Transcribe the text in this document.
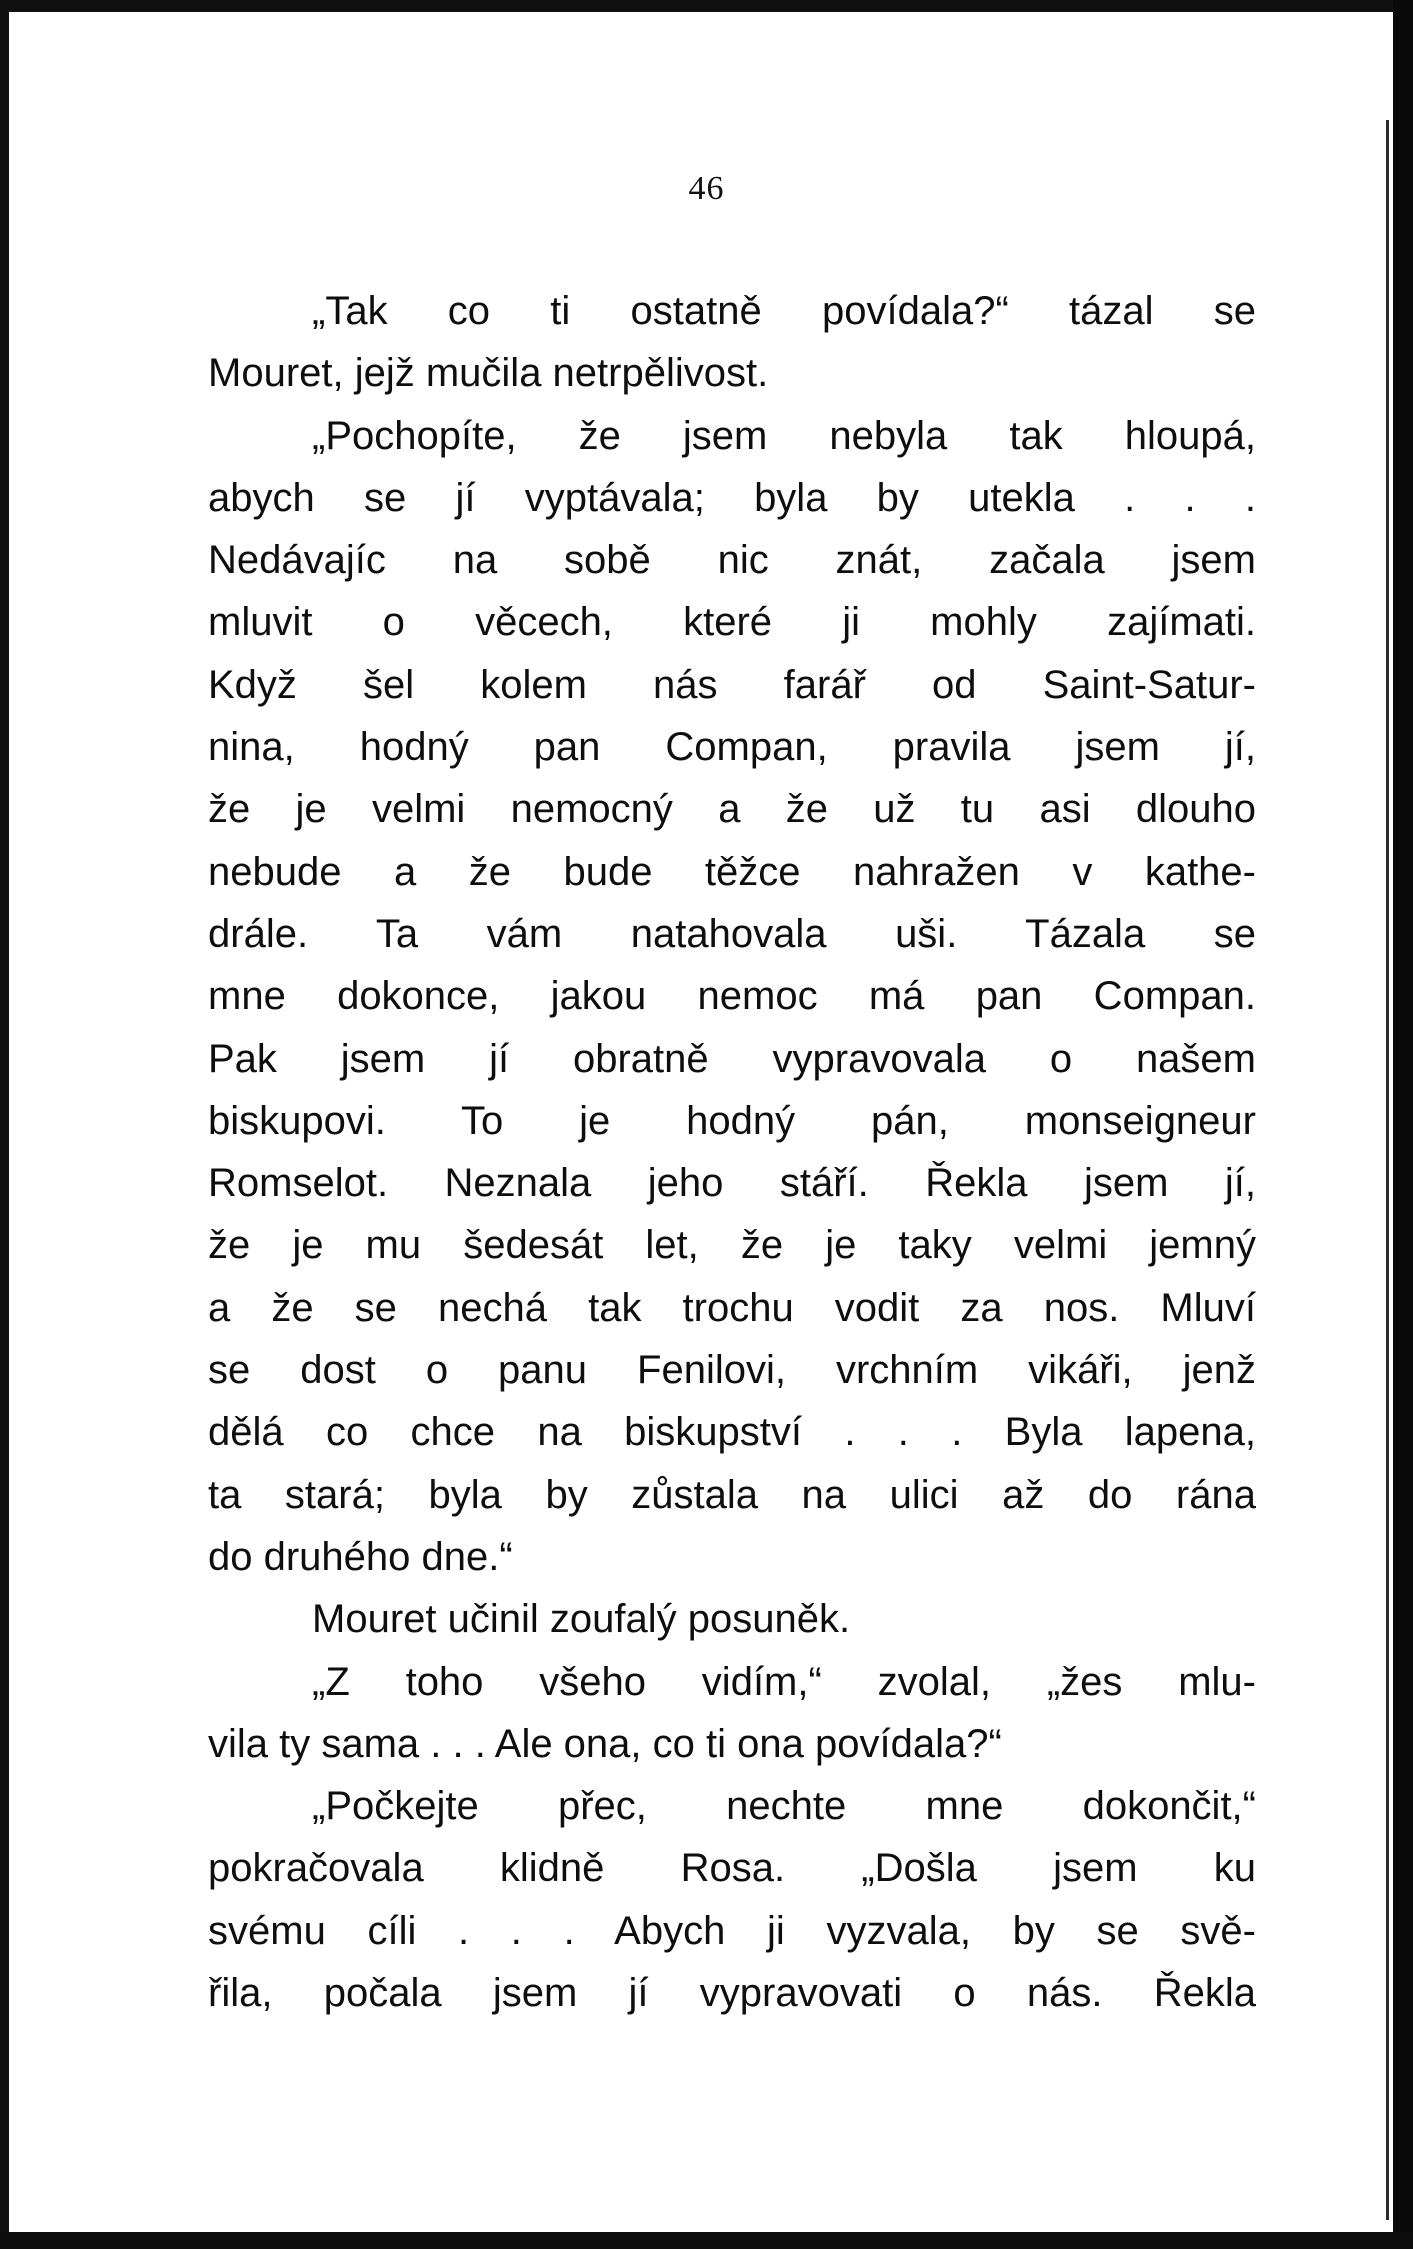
46
„Tak co ti ostatně povídala?“ tázal se
Mouret, jejž mučila netrpělivost.
„Pochopíte, že jsem nebyla tak hloupá,
abych se jí vyptávala; byla by utekla . . .
Nedávajíc na sobě nic znát, začala jsem
mluvit o věcech, které ji mohly zajímati.
Když šel kolem nás farář od Saint-Satur-
nina, hodný pan Compan, pravila jsem jí,
že je velmi nemocný a že už tu asi dlouho
nebude a že bude těžce nahražen v kathe-
drále. Ta vám natahovala uši. Tázala se
mne dokonce, jakou nemoc má pan Compan.
Pak jsem jí obratně vypravovala o našem
biskupovi. To je hodný pán, monseigneur
Romselot. Neznala jeho stáří. Řekla jsem jí,
že je mu šedesát let, že je taky velmi jemný
a že se nechá tak trochu vodit za nos. Mluví
se dost o panu Fenilovi, vrchním vikáři, jenž
dělá co chce na biskupství . . . Byla lapena,
ta stará; byla by zůstala na ulici až do rána
do druhého dne.“
Mouret učinil zoufalý posuněk.
„Z toho všeho vidím,“ zvolal, „žes mlu-
vila ty sama . . . Ale ona, co ti ona povídala?“
„Počkejte přec, nechte mne dokončit,“
pokračovala klidně Rosa. „Došla jsem ku
svému cíli . . . Abych ji vyzvala, by se svě-
řila, počala jsem jí vypravovati o nás. Řekla
